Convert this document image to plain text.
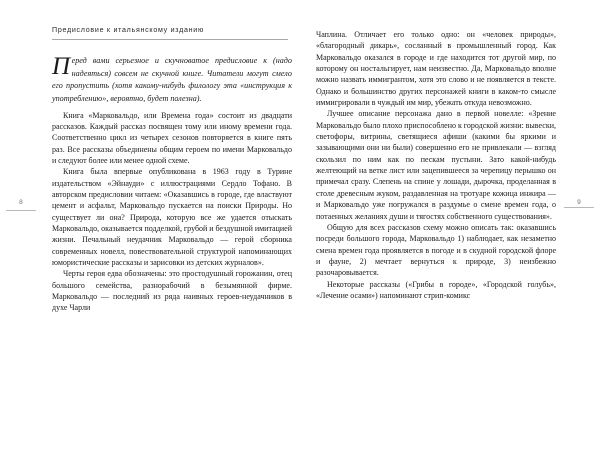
8
Предисловие к итальянскому изданию

Перед вами серьезное и скучноватое предисловие к (надо надеяться) совсем не скучной книге. Читатели могут смело его пропустить (хотя какому-нибудь филологу эта «инструкция к употреблению», вероятно, будет полезна).

Книга «Марковальдо, или Времена года» состоит из двадцати рассказов. Каждый рассказ посвящен тому или иному времени года. Соответственно цикл из четырех сезонов повторяется в книге пять раз. Все рассказы объединены общим героем по имени Марковальдо и следуют более или менее одной схеме.

Книга была впервые опубликована в 1963 году в Турине издательством «Эйнауди» с иллюстрациями Сердло Тофано. В авторском предисловии читаем: «Оказавшись в городе, где властвуют цемент и асфальт, Марковальдо пускается на поиски Природы. Но существует ли она? Природа, которую все же удается отыскать Марковальдо, оказывается подделкой, грубой и бездушной имитацией жизни. Печальный неудачник Марковальдо — герой сборника современных новелл, повествовательной структурой напоминающих юмористические рассказы и зарисовки из детских журналов».

Черты героя едва обозначены: это простодушный горожанин, отец большого семейства, разнорабочий в безымянной фирме. Марковальдо — последний из ряда наивных героев-неудачников в духе Чарли

9

Чаплина. Отличает его только одно: он «человек природы», «благородный дикарь», сосланный в промышленный город. Как Марковальдо оказался в городе и где находится тот другой мир, по которому он ностальгирует, нам неизвестно. Да, Марковальдо вполне можно назвать иммигрантом, хотя это слово и не появляется в тексте. Однако и большинство других персонажей книги в каком-то смысле иммигрировали в чуждый им мир, убежать откуда невозможно.

Лучшее описание персонажа дано в первой новелле: «Зрение Марковальдо было плохо приспособлено к городской жизни: вывески, светофоры, витрины, светящиеся афиши (какими бы яркими и зазывающими они ни были) совершенно его не привлекали — взгляд скользил по ним как по пескам пустыни. Зато какой-нибудь желтеющий на ветке лист или зацепившееся за черепицу перышко он примечал сразу. Слепень на спине у лошади, дырочка, проделанная в столе древесным жуком, раздавленная на тротуаре кожица инжира — и Марковальдо уже погружался в раздумье о смене времен года, о потаенных желаниях души и тягостях собственного существования».

Общую для всех рассказов схему можно описать так: оказавшись посреди большого города, Марковальдо 1) наблюдает, как незаметно смена времен года проявляется в погоде и в скудной городской флоре и фауне, 2) мечтает вернуться к природе, 3) неизбежно разочаровывается.

Некоторые рассказы («Грибы в городе», «Городской голубь», «Лечение осами») напоминают стрип-комикс
